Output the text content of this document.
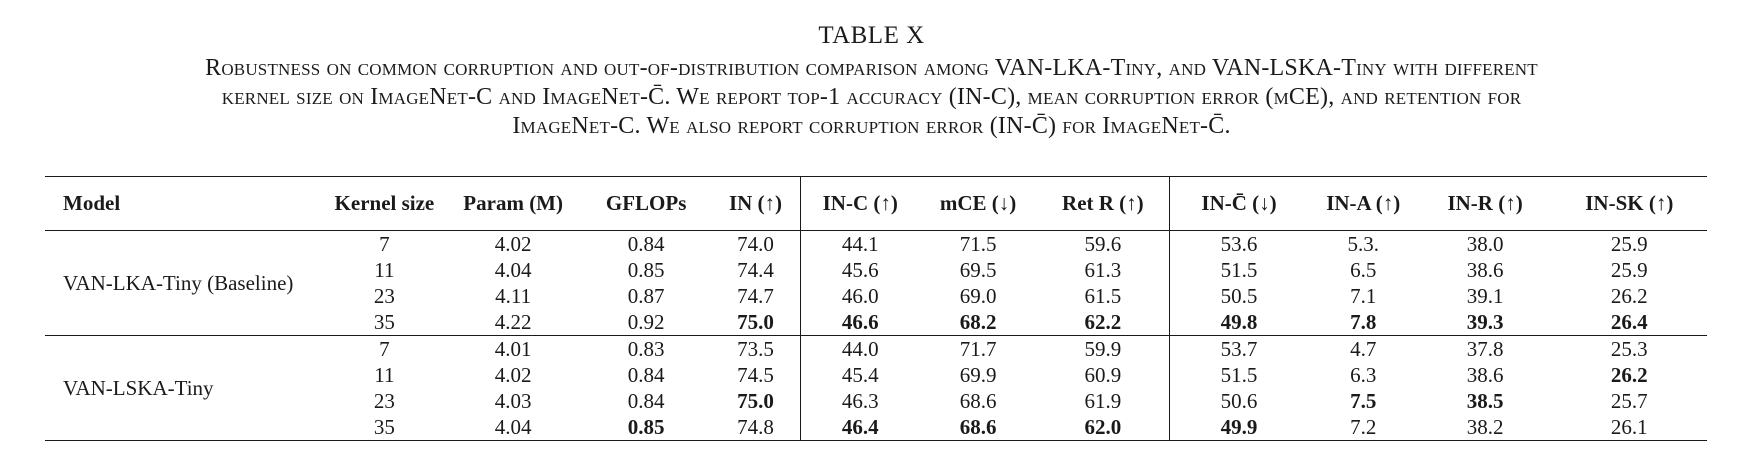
TABLE X
Robustness on common corruption and out-of-distribution comparison among VAN-LKA-Tiny, and VAN-LSKA-Tiny with different
kernel size on ImageNet-C and ImageNet-C̄. We report top-1 accuracy (IN-C), mean corruption error (mCE), and retention for
ImageNet-C. We also report corruption error (IN-C̄) for ImageNet-C̄.
Model	Kernel size	Param (M)	GFLOPs	IN (↑)	IN-C (↑)	mCE (↓)	Ret R (↑)	IN-C̄ (↓)	IN-A (↑)	IN-R (↑)	IN-SK (↑)
VAN-LKA-Tiny (Baseline)	7	4.02	0.84	74.0	44.1	71.5	59.6	53.6	5.3.	38.0	25.9
	11	4.04	0.85	74.4	45.6	69.5	61.3	51.5	6.5	38.6	25.9
	23	4.11	0.87	74.7	46.0	69.0	61.5	50.5	7.1	39.1	26.2
	35	4.22	0.92	75.0	46.6	68.2	62.2	49.8	7.8	39.3	26.4
VAN-LSKA-Tiny	7	4.01	0.83	73.5	44.0	71.7	59.9	53.7	4.7	37.8	25.3
	11	4.02	0.84	74.5	45.4	69.9	60.9	51.5	6.3	38.6	26.2
	23	4.03	0.84	75.0	46.3	68.6	61.9	50.6	7.5	38.5	25.7
	35	4.04	0.85	74.8	46.4	68.6	62.0	49.9	7.2	38.2	26.1
